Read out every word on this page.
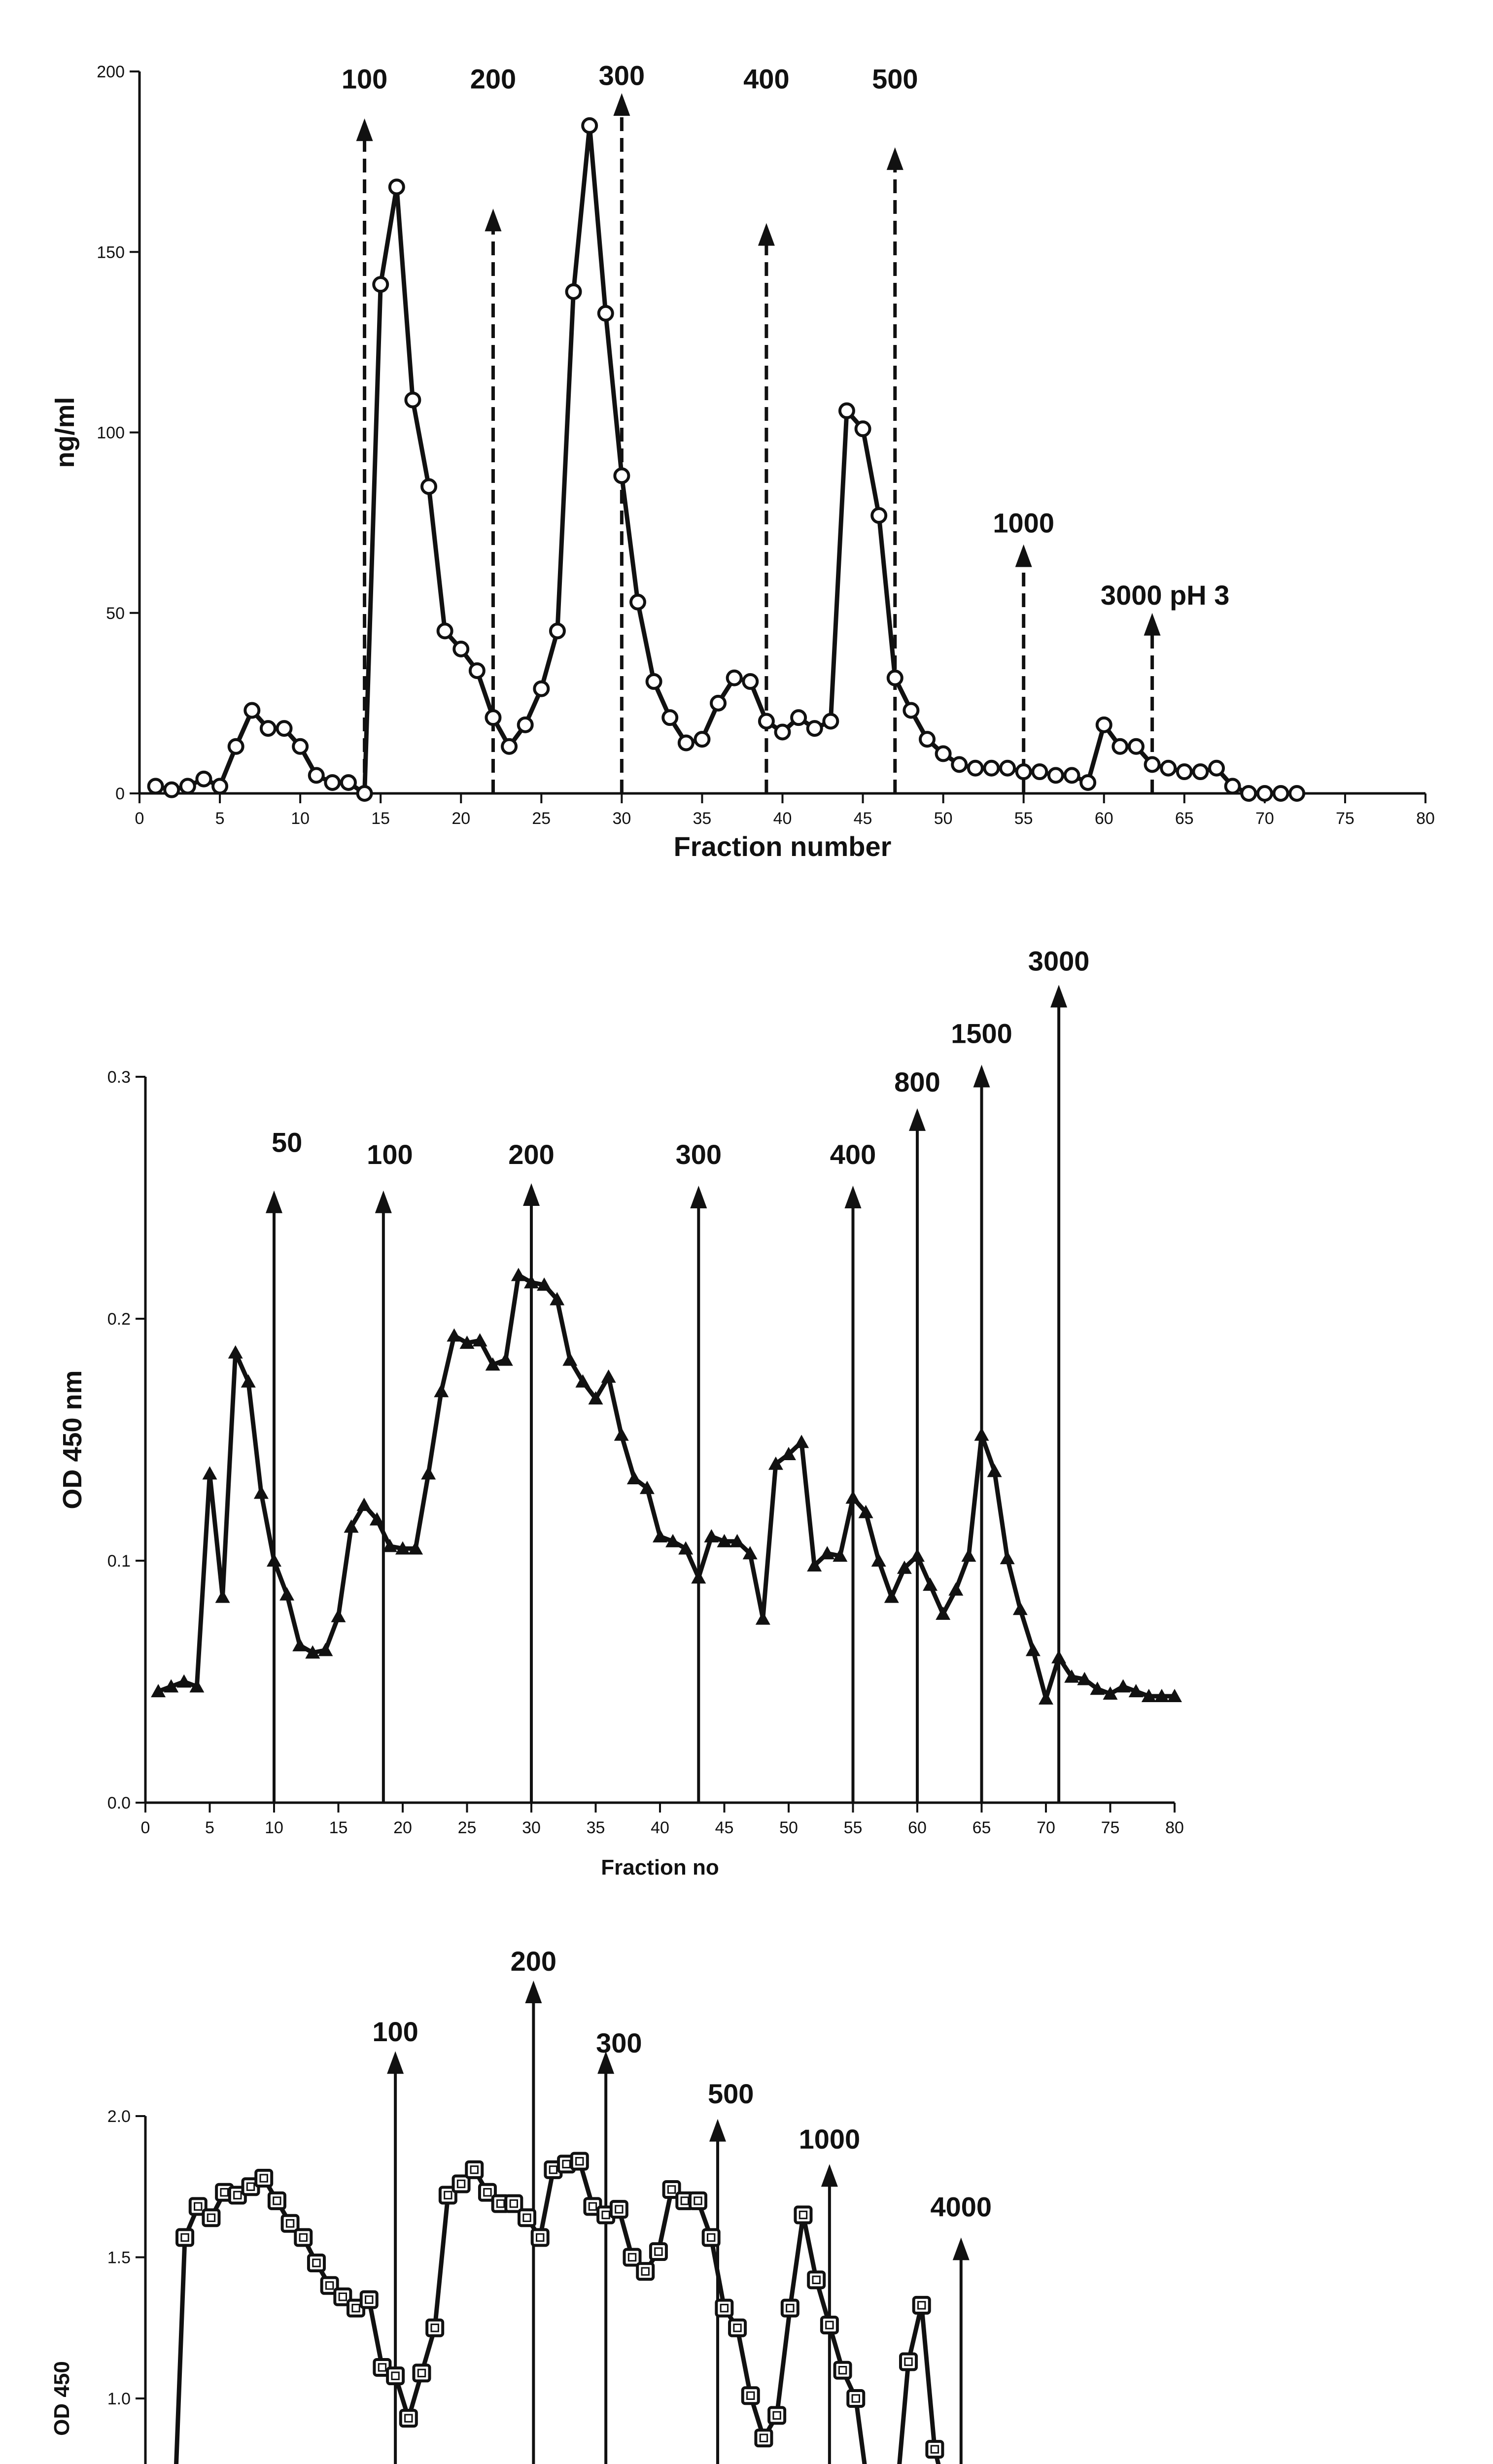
0	5	10	15	20	25	30	35	40	45	50	55	60	65	70	75	80
0
50
100
150
200
Fraction number
ng/ml
100	200	300	400	500
1000
3000 pH 3
0	5	10	15	20	25	30	35	40	45	50	55	60	65	70	75	80
0.0
0.1
0.2
0.3
Fraction no
OD 450 nm
50 100	200	300	400
800
1500
3000
1.0
1.5
2.0
OD 450
100
200
300
500
1000
4000
